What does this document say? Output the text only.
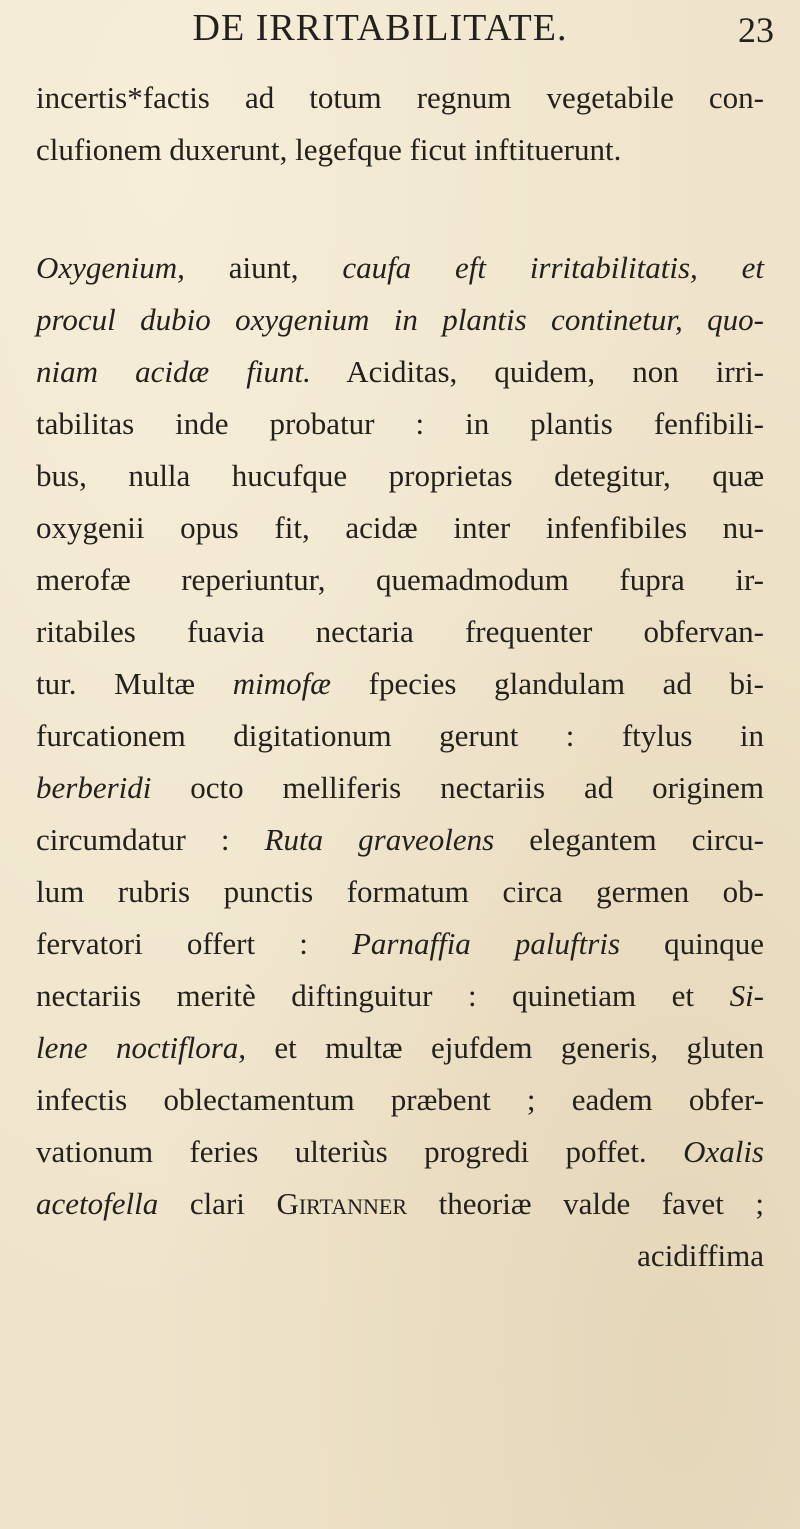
DE IRRITABILITATE.	23
incertis*factis ad totum regnum vegetabile con-
clufionem duxerunt, legefque ficut inftituerunt.
Oxygenium, aiunt, caufa eft irritabilitatis, et
procul dubio oxygenium in plantis continetur, quo-
niam acidæ fiunt. Aciditas, quidem, non irri-
tabilitas inde probatur : in plantis fenfibili-
bus, nulla hucufque proprietas detegitur, quæ
oxygenii opus fit, acidæ inter infenfibiles nu-
merofæ reperiuntur, quemadmodum fupra ir-
ritabiles fuavia nectaria frequenter obfervan-
tur. Multæ mimofæ fpecies glandulam ad bi-
furcationem digitationum gerunt : ftylus in
berberidi octo melliferis nectariis ad originem
circumdatur : Ruta graveolens elegantem circu-
lum rubris punctis formatum circa germen ob-
fervatori offert : Parnaffia paluftris quinque
nectariis meritè diftinguitur : quinetiam et Si-
lene noctiflora, et multæ ejufdem generis, gluten
infectis oblectamentum præbent ; eadem obfer-
vationum feries ulteriùs progredi poffet. Oxalis
acetofella clari Girtanner theoriæ valde favet ;
acidiffima
